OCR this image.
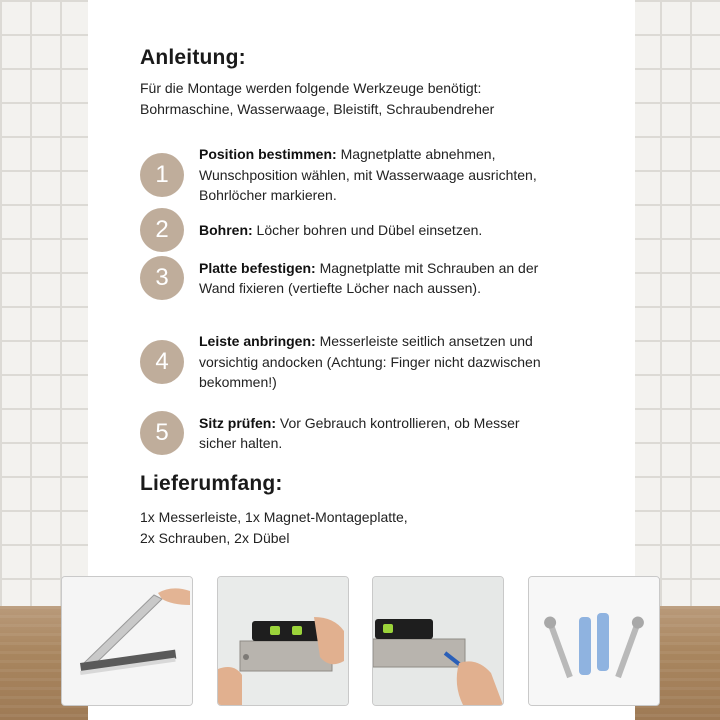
Anleitung:
Für die Montage werden folgende Werkzeuge benötigt:
Bohrmaschine, Wasserwaage, Bleistift, Schraubendreher
1
Position bestimmen: Magnetplatte abnehmen, Wunschposition wählen, mit Wasserwaage ausrichten, Bohrlöcher markieren.
2	Bohren: Löcher bohren und Dübel einsetzen.
3	Platte befestigen: Magnetplatte mit Schrauben an der Wand fixieren (vertiefte Löcher nach aussen).
4
Leiste anbringen: Messerleiste seitlich ansetzen und vorsichtig andocken (Achtung: Finger nicht dazwischen bekommen!)
5	Sitz prüfen: Vor Gebrauch kontrollieren, ob Messer sicher halten.
Lieferumfang:
1x Messerleiste, 1x Magnet-Montageplatte,
2x Schrauben, 2x Dübel
